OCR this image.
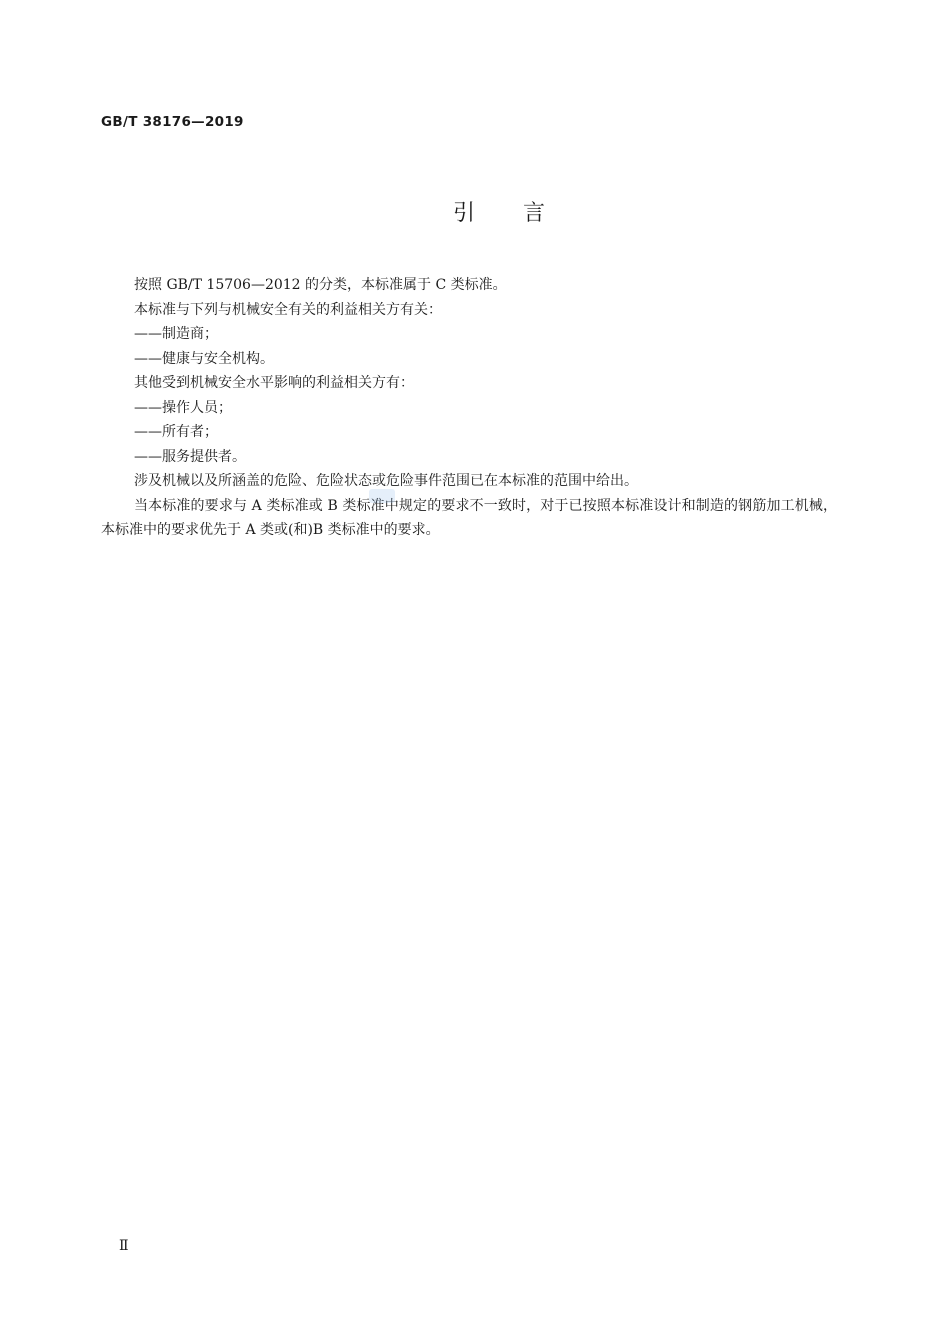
GB/T 38176—2019
引言

按照 GB/T 15706—2012 的分类，本标准属于 C 类标准。

本标准与下列与机械安全有关的利益相关方有关：

——制造商；

——健康与安全机构。

其他受到机械安全水平影响的利益相关方有：

——操作人员；

——所有者；

——服务提供者。

涉及机械以及所涵盖的危险、危险状态或危险事件范围已在本标准的范围中给出。

当本标准的要求与 A 类标准或 B 类标准中规定的要求不一致时，对于已按照本标准设计和制造的钢筋加工机械，本标准中的要求优先于 A 类或(和)B 类标准中的要求。

Ⅱ
